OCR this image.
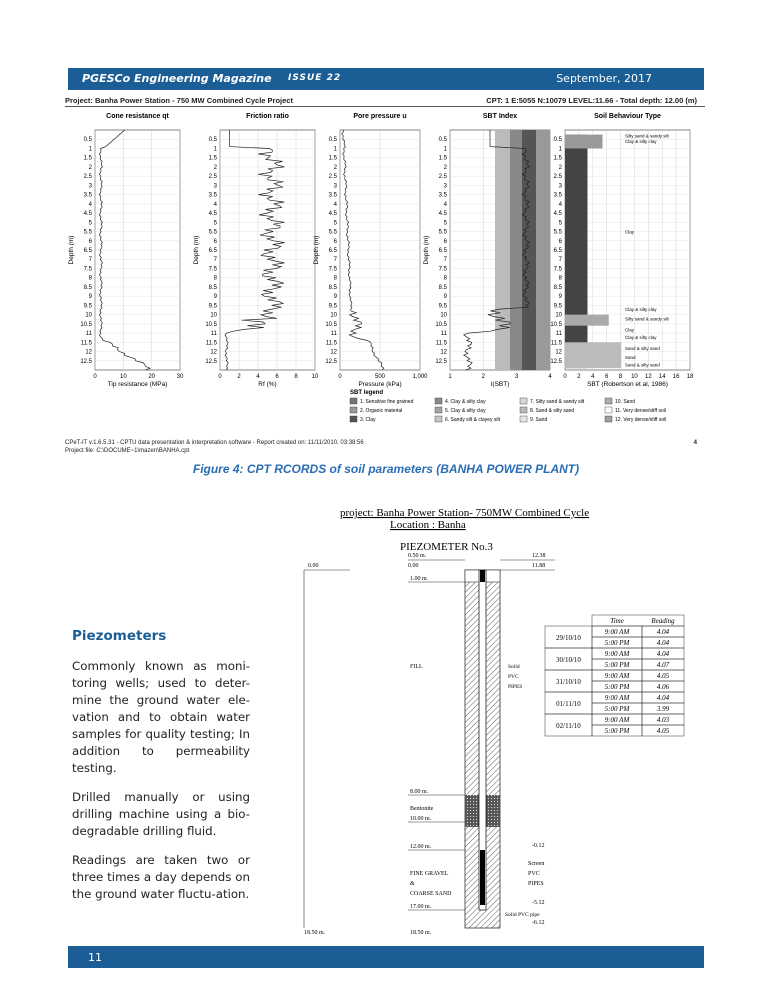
PGESCo Engineering Magazine ISSUE 22	September, 2017
Project: Banha Power Station - 750 MW Combined Cycle Project	CPT: 1 E:5055 N:10079 LEVEL:11.66 - Total depth: 12.00 (m)
Cone resistance qt
0	10	20	30
Tip resistance (MPa)
0.5
1
1.5
2
2.5
3
3.5
4
4.5
5
5.5
6
6.5
7
7.5
8
8.5
9
9.5
10
10.5
11
11.5
12
12.5
Depth (m)
Friction ratio
0	2	4	6	8 10
Rf (%)
0.5
1
1.5
2
2.5
3
3.5
4
4.5
5
5.5
6
6.5
7
7.5
8
8.5
9
9.5
10
10.5
11
11.5
12
12.5
Depth (m)
Pore pressure u
0	500	1,000
Pressure (kPa)
0.5
1
1.5
2
2.5
3
3.5
4
4.5
5
5.5
6
6.5
7
7.5
8
8.5
9
9.5
10
10.5
11
11.5
12
12.5
Depth (m)
SBT Index
1	2	3	4
I(SBT)
0.5
1
1.5
2
2.5
3
3.5
4
4.5
5
5.5
6
6.5
7
7.5
8
8.5
9
9.5
10
10.5
11
11.5
12
12.5
Depth (m)
Soil Behaviour Type
0 2 4 6 8 10 12 14 16 18
SBT (Robertson et al, 1986)
0.5
1
1.5
2
2.5
3
3.5
4
4.5
5
5.5
6
6.5
7
7.5
8
8.5
9
9.5
10
10.5
11
11.5
12
12.5
Silty sand & sandy silt
Clay & silty clay
Clay
Clay & silty clay
Silty sand & sandy silt
Clay
Clay & silty clay
Sand & silty sand
Sand
Sand & silty sand
SBT legend
1. Sensitive fine grained
2. Organic material
3. Clay
4. Clay & silty clay
5. Clay & silty clay
6. Sandy silt & clayey silt
7. Silty sand & sandy silt
8. Sand & silty sand
9. Sand
10. Sand
11. Very dense/stiff soil
12. Very dense/stiff soil
CPeT-IT v.1.6.5.31 - CPTU data presentation & interpretation software - Report created on: 11/11/2010, 03:38:56
Project file: C:\DOCUME~1\mazen\BANHA.cpt
4
Figure 4: CPT RCORDS of soil parameters (BANHA POWER PLANT)
Piezometers

Commonly known as moni-toring wells; used to deter-mine the ground water ele-vation and to obtain water samples for quality testing; In addition to permeability testing.

Drilled manually or using drilling machine using a bio-degradable drilling fluid.

Readings are taken two or three times a day depends on the ground water fluctu-ation.

project: Banha Power Station- 750MW Combined Cycle
Location : Banha
PIEZOMETER No.3
0.00
18.50 m.
0.50 m.
0.00
1.00 m.
FILL
8.00 m.
Bentonite
10.00 m.
12.00 m.
FINE GRAVEL
&
COARSE SAND
17.00 m.
18.50 m.
12.38
11.88
Solid
PVC
PIPES
-0.12
Screen
PVC
PIPES
-5.12
Solid PVC pipe
-6.12
Time	Reading
29/10/10
9:00 AM	4.04
5:00 PM	4.04
30/10/10
9:00 AM	4.04
5:00 PM	4.07
31/10/10
9:00 AM	4.05
5:00 PM	4.06
01/11/10
9:00 AM	4.04
5:00 PM	3.99
02/11/10
9:00 AM	4.03
5:00 PM	4.05
11
